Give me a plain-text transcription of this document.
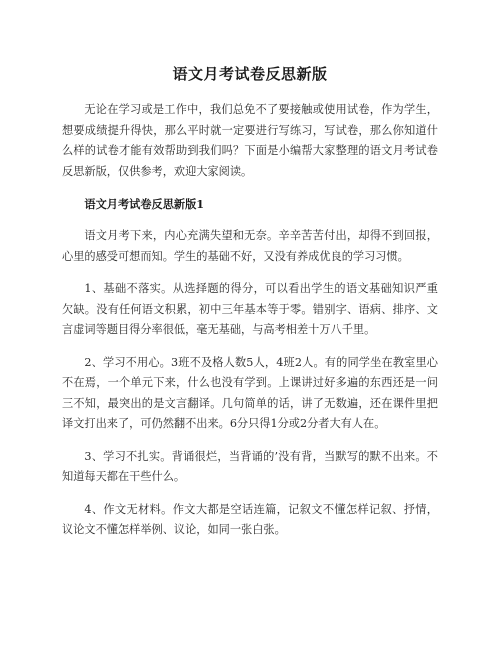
语文月考试卷反思新版

无论在学习或是工作中，我们总免不了要接触或使用试卷，作为学生，想要成绩提升得快，那么平时就一定要进行写练习，写试卷，那么你知道什么样的试卷才能有效帮助到我们吗？下面是小编帮大家整理的语文月考试卷反思新版，仅供参考，欢迎大家阅读。

语文月考试卷反思新版1

语文月考下来，内心充满失望和无奈。辛辛苦苦付出，却得不到回报，心里的感受可想而知。学生的基础不好，又没有养成优良的学习习惯。

1、基础不落实。从选择题的得分，可以看出学生的语文基础知识严重欠缺。没有任何语文积累，初中三年基本等于零。错别字、语病、排序、文言虚词等题目得分率很低，毫无基础，与高考相差十万八千里。

2、学习不用心。3班不及格人数5人，4班2人。有的同学坐在教室里心不在焉，一个单元下来，什么也没有学到。上课讲过好多遍的东西还是一问三不知，最突出的是文言翻译。几句简单的话，讲了无数遍，还在课件里把译文打出来了，可仍然翻不出来。6分只得1分或2分者大有人在。

3、学习不扎实。背诵很烂，当背诵的’没有背，当默写的默不出来。不知道每天都在干些什么。

4、作文无材料。作文大都是空话连篇，记叙文不懂怎样记叙、抒情，议论文不懂怎样举例、议论，如同一张白张。
